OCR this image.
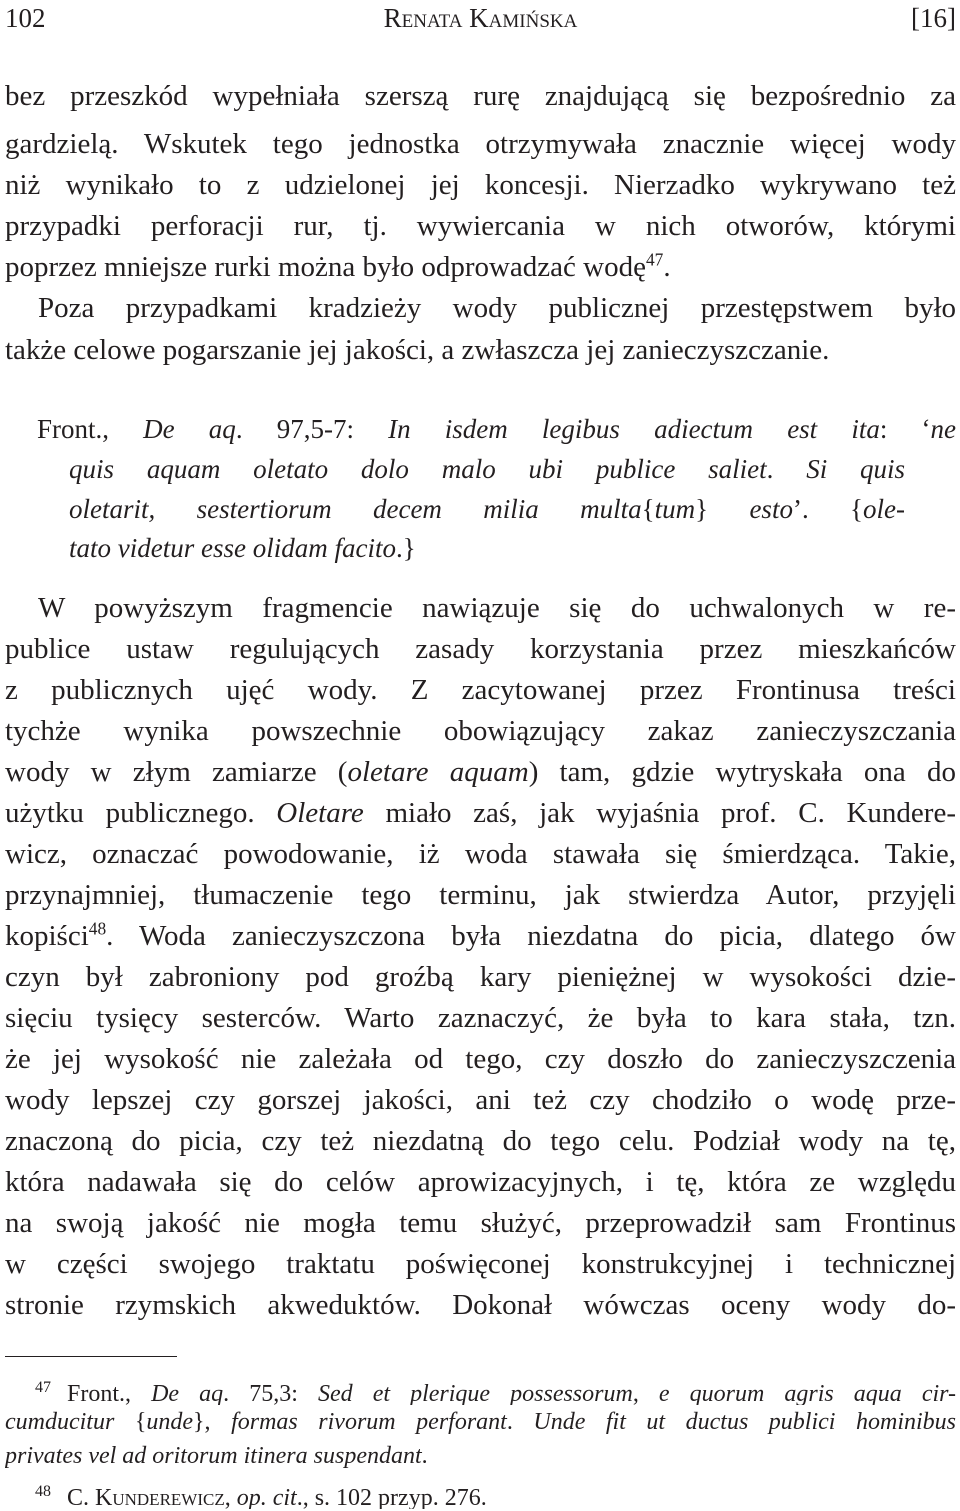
102	Renata Kamińska	[16]
bez przeszkód wypełniała szerszą rurę znajdującą się bezpośrednio za
gardzielą. Wskutek tego jednostka otrzymywała znacznie więcej wody
niż wynikało to z udzielonej jej koncesji. Nierzadko wykrywano też
przypadki perforacji rur, tj. wywiercania w nich otworów, którymi
poprzez mniejsze rurki można było odprowadzać wodę$^{47}$.
Poza przypadkami kradzieży wody publicznej przestępstwem było
także celowe pogarszanie jej jakości, a zwłaszcza jej zanieczyszczanie.
Front., De aq. 97,5-7: In isdem legibus adiectum est ita: ‘ne
quis aquam oletato dolo malo ubi publice saliet. Si quis
oletarit, sestertiorum decem milia multa{tum} esto’. {ole-
tato videtur esse olidam facito.}
W powyższym fragmencie nawiązuje się do uchwalonych w re-
publice ustaw regulujących zasady korzystania przez mieszkańców
z publicznych ujęć wody. Z zacytowanej przez Frontinusa treści
tychże wynika powszechnie obowiązujący zakaz zanieczyszczania
wody w złym zamiarze (oletare aquam) tam, gdzie wytryskała ona do
użytku publicznego. Oletare miało zaś, jak wyjaśnia prof. C. Kundere-
wicz, oznaczać powodowanie, iż woda stawała się śmierdząca. Takie,
przynajmniej, tłumaczenie tego terminu, jak stwierdza Autor, przyjęli
kopiści$^{48}$. Woda zanieczyszczona była niezdatna do picia, dlatego ów
czyn był zabroniony pod groźbą kary pieniężnej w wysokości dzie-
sięciu tysięcy sesterców. Warto zaznaczyć, że była to kara stała, tzn.
że jej wysokość nie zależała od tego, czy doszło do zanieczyszczenia
wody lepszej czy gorszej jakości, ani też czy chodziło o wodę prze-
znaczoną do picia, czy też niezdatną do tego celu. Podział wody na tę,
która nadawała się do celów aprowizacyjnych, i tę, która ze względu
na swoją jakość nie mogła temu służyć, przeprowadził sam Frontinus
w części swojego traktatu poświęconej konstrukcyjnej i technicznej
stronie rzymskich akweduktów. Dokonał wówczas oceny wody do-
47 Front., De aq. 75,3: Sed et plerique possessorum, e quorum agris aqua cir-
cumducitur {unde}, formas rivorum perforant. Unde fit ut ductus publici hominibus
privates vel ad oritorum itinera suspendant.
48 C. Kunderewicz, op. cit., s. 102 przyp. 276.
